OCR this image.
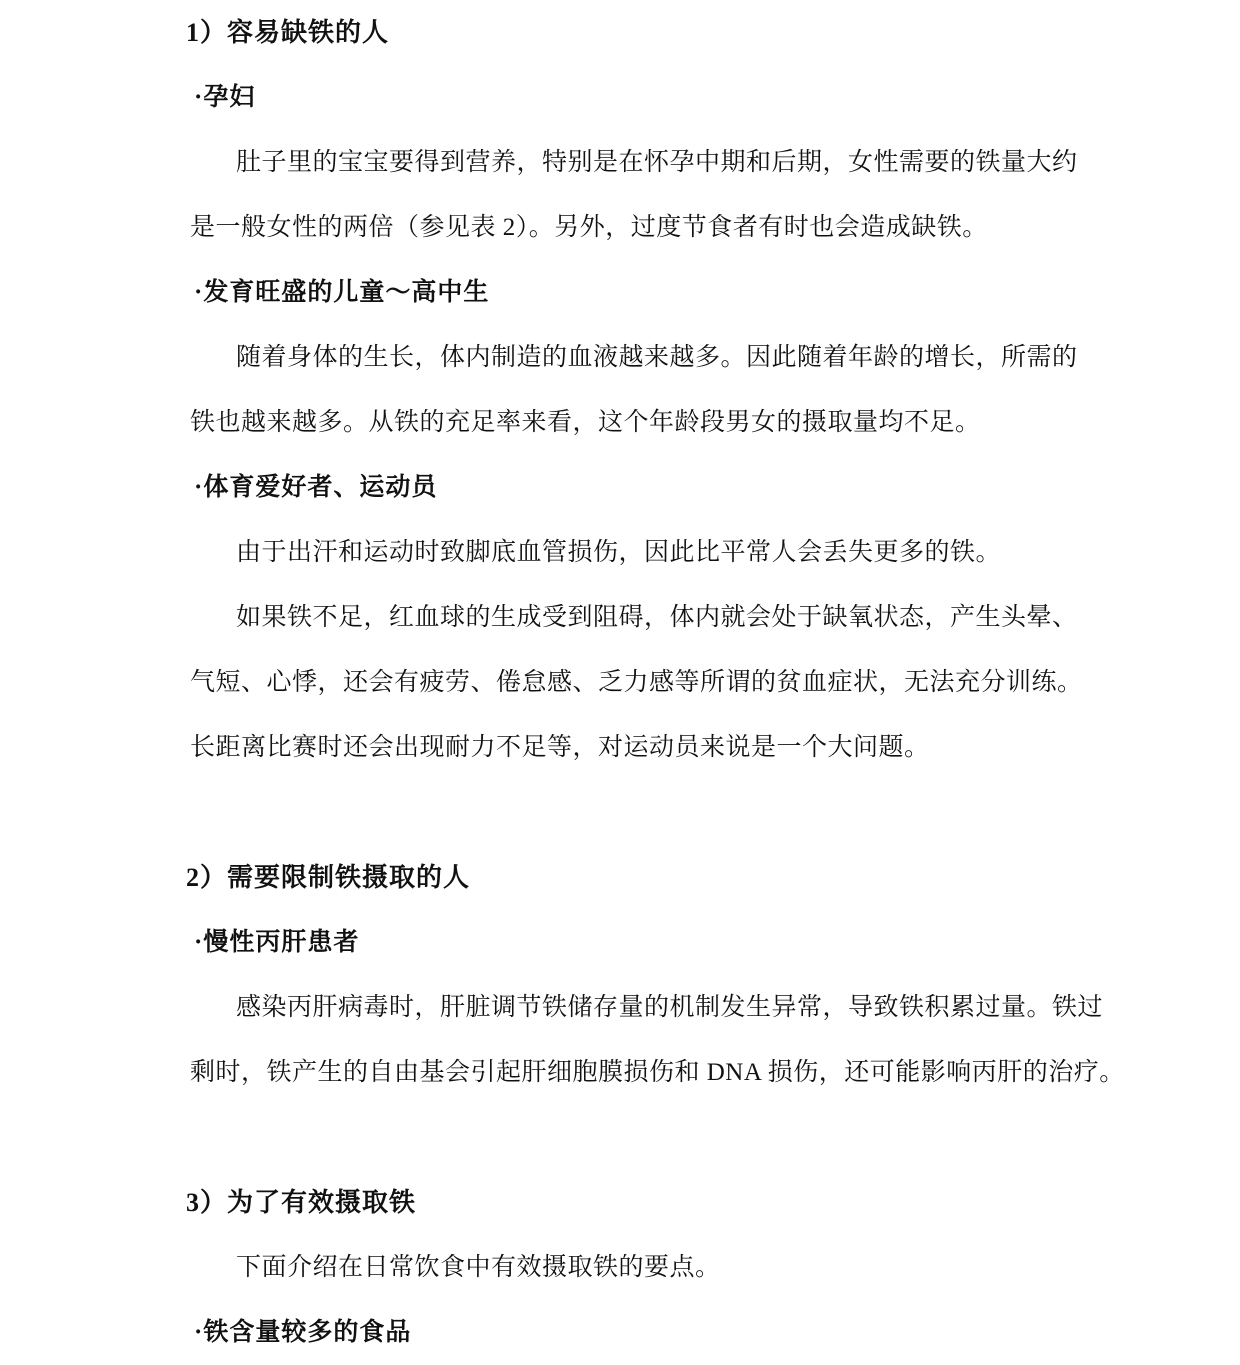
1）容易缺铁的人
·孕妇
肚子里的宝宝要得到营养，特别是在怀孕中期和后期，女性需要的铁量大约
是一般女性的两倍（参见表 2）。另外，过度节食者有时也会造成缺铁。
·发育旺盛的儿童～高中生
随着身体的生长，体内制造的血液越来越多。因此随着年龄的增长，所需的
铁也越来越多。从铁的充足率来看，这个年龄段男女的摄取量均不足。
·体育爱好者、运动员
由于出汗和运动时致脚底血管损伤，因此比平常人会丢失更多的铁。
如果铁不足，红血球的生成受到阻碍，体内就会处于缺氧状态，产生头晕、
气短、心悸，还会有疲劳、倦怠感、乏力感等所谓的贫血症状，无法充分训练。
长距离比赛时还会出现耐力不足等，对运动员来说是一个大问题。
2）需要限制铁摄取的人
·慢性丙肝患者
感染丙肝病毒时，肝脏调节铁储存量的机制发生异常，导致铁积累过量。铁过
剩时，铁产生的自由基会引起肝细胞膜损伤和 DNA 损伤，还可能影响丙肝的治疗。
3）为了有效摄取铁
下面介绍在日常饮食中有效摄取铁的要点。
·铁含量较多的食品
